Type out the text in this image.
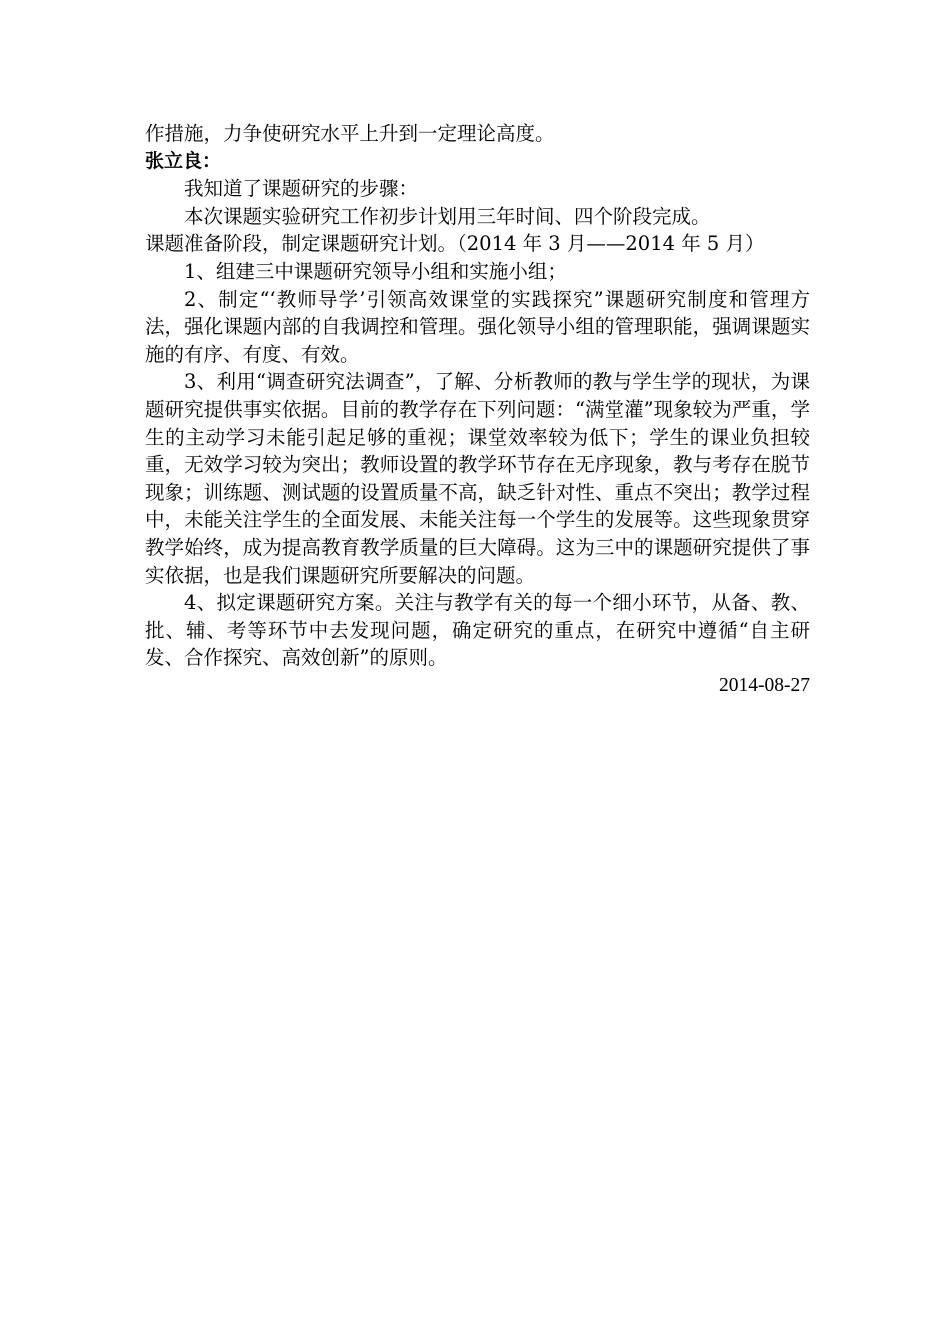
作措施，力争使研究水平上升到一定理论高度。

张立良：

我知道了课题研究的步骤：

本次课题实验研究工作初步计划用三年时间、四个阶段完成。

课题准备阶段，制定课题研究计划。（2014 年 3 月——2014 年 5 月）

1、组建三中课题研究领导小组和实施小组；

2、制定“‘教师导学’引领高效课堂的实践探究”课题研究制度和管理方法，强化课题内部的自我调控和管理。强化领导小组的管理职能，强调课题实施的有序、有度、有效。

3、利用“调查研究法调查”，了解、分析教师的教与学生学的现状，为课题研究提供事实依据。目前的教学存在下列问题：“满堂灌”现象较为严重，学生的主动学习未能引起足够的重视；课堂效率较为低下；学生的课业负担较重，无效学习较为突出；教师设置的教学环节存在无序现象，教与考存在脱节现象；训练题、测试题的设置质量不高，缺乏针对性、重点不突出；教学过程中，未能关注学生的全面发展、未能关注每一个学生的发展等。这些现象贯穿教学始终，成为提高教育教学质量的巨大障碍。这为三中的课题研究提供了事实依据，也是我们课题研究所要解决的问题。

4、拟定课题研究方案。关注与教学有关的每一个细小环节，从备、教、批、辅、考等环节中去发现问题，确定研究的重点，在研究中遵循“自主研发、合作探究、高效创新”的原则。

2014-08-27
